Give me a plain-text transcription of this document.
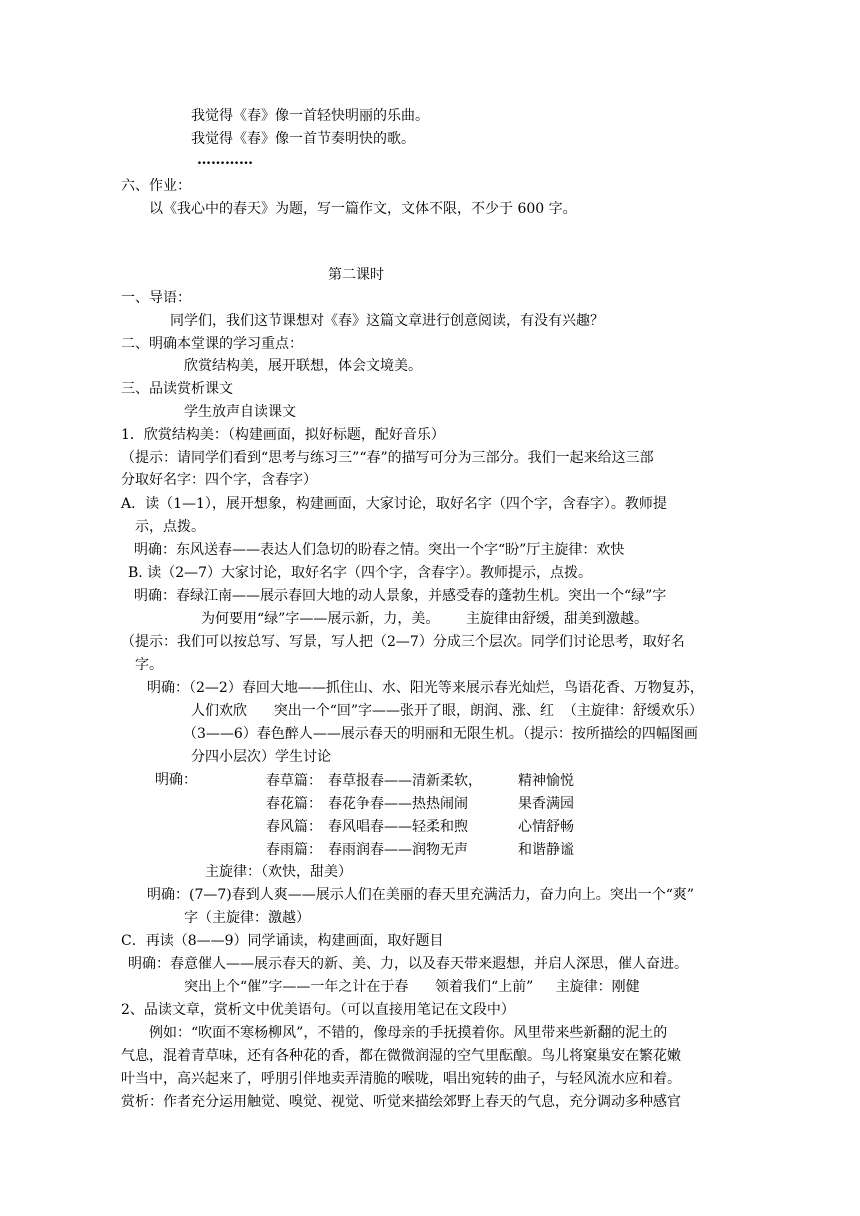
我觉得《春》像一首轻快明丽的乐曲。
我觉得《春》像一首节奏明快的歌。
…………
六、作业：
以《我心中的春天》为题，写一篇作文，文体不限，不少于 600 字。
第二课时
一、导语：
同学们，我们这节课想对《春》这篇文章进行创意阅读，有没有兴趣？
二、明确本堂课的学习重点：
欣赏结构美，展开联想，体会文境美。
三、品读赏析课文
学生放声自读课文
1．欣赏结构美：（构建画面，拟好标题，配好音乐）
（提示：请同学们看到“思考与练习三”“春”的描写可分为三部分。我们一起来给这三部
分取好名字：四个字，含春字）
A．读（1—1），展开想象，构建画面，大家讨论，取好名字（四个字，含春字）。教师提
示，点拨。
明确：东风送春——表达人们急切的盼春之情。突出一个字“盼”厅主旋律：欢快
B. 读（2—7）大家讨论，取好名字（四个字，含春字）。教师提示，点拨。
明确：春绿江南——展示春回大地的动人景象，并感受春的蓬勃生机。突出一个“绿”字
为何要用“绿”字——展示新，力，美。      主旋律由舒缓，甜美到激越。
（提示：我们可以按总写、写景，写人把（2—7）分成三个层次。同学们讨论思考，取好名
字。
明确：（2—2）春回大地——抓住山、水、阳光等来展示春光灿烂，鸟语花香、万物复苏，
人们欢欣      突出一个“回”字——张开了眼，朗润、涨、红  （主旋律：舒缓欢乐）
（3——6）春色醉人——展示春天的明丽和无限生机。（提示：按所描绘的四幅图画
分四小层次）学生讨论
明确：	春草篇： 春草报春——清新柔软，	精神愉悦
春花篇： 春花争春——热热闹闹	果香满园
春风篇： 春风唱春——轻柔和煦	心情舒畅
春雨篇： 春雨润春——润物无声	和谐静谧
主旋律：（欢快，甜美）
明确：(7—7)春到人爽——展示人们在美丽的春天里充满活力，奋力向上。突出一个“爽”
字（主旋律：激越）
C．再读（8——9）同学诵读，构建画面，取好题目
明确：春意催人——展示春天的新、美、力，以及春天带来遐想，并启人深思，催人奋进。
突出上个“催”字——一年之计在于春      领着我们“上前”     主旋律：刚健
2、品读文章，赏析文中优美语句。（可以直接用笔记在文段中）
例如：“吹面不寒杨柳风”，不错的，像母亲的手抚摸着你。风里带来些新翻的泥土的
气息，混着青草味，还有各种花的香，都在微微润湿的空气里酝酿。鸟儿将窠巢安在繁花嫩
叶当中，高兴起来了，呼朋引伴地卖弄清脆的喉咙，唱出宛转的曲子，与轻风流水应和着。
赏析：作者充分运用触觉、嗅觉、视觉、听觉来描绘郊野上春天的气息，充分调动多种感官
